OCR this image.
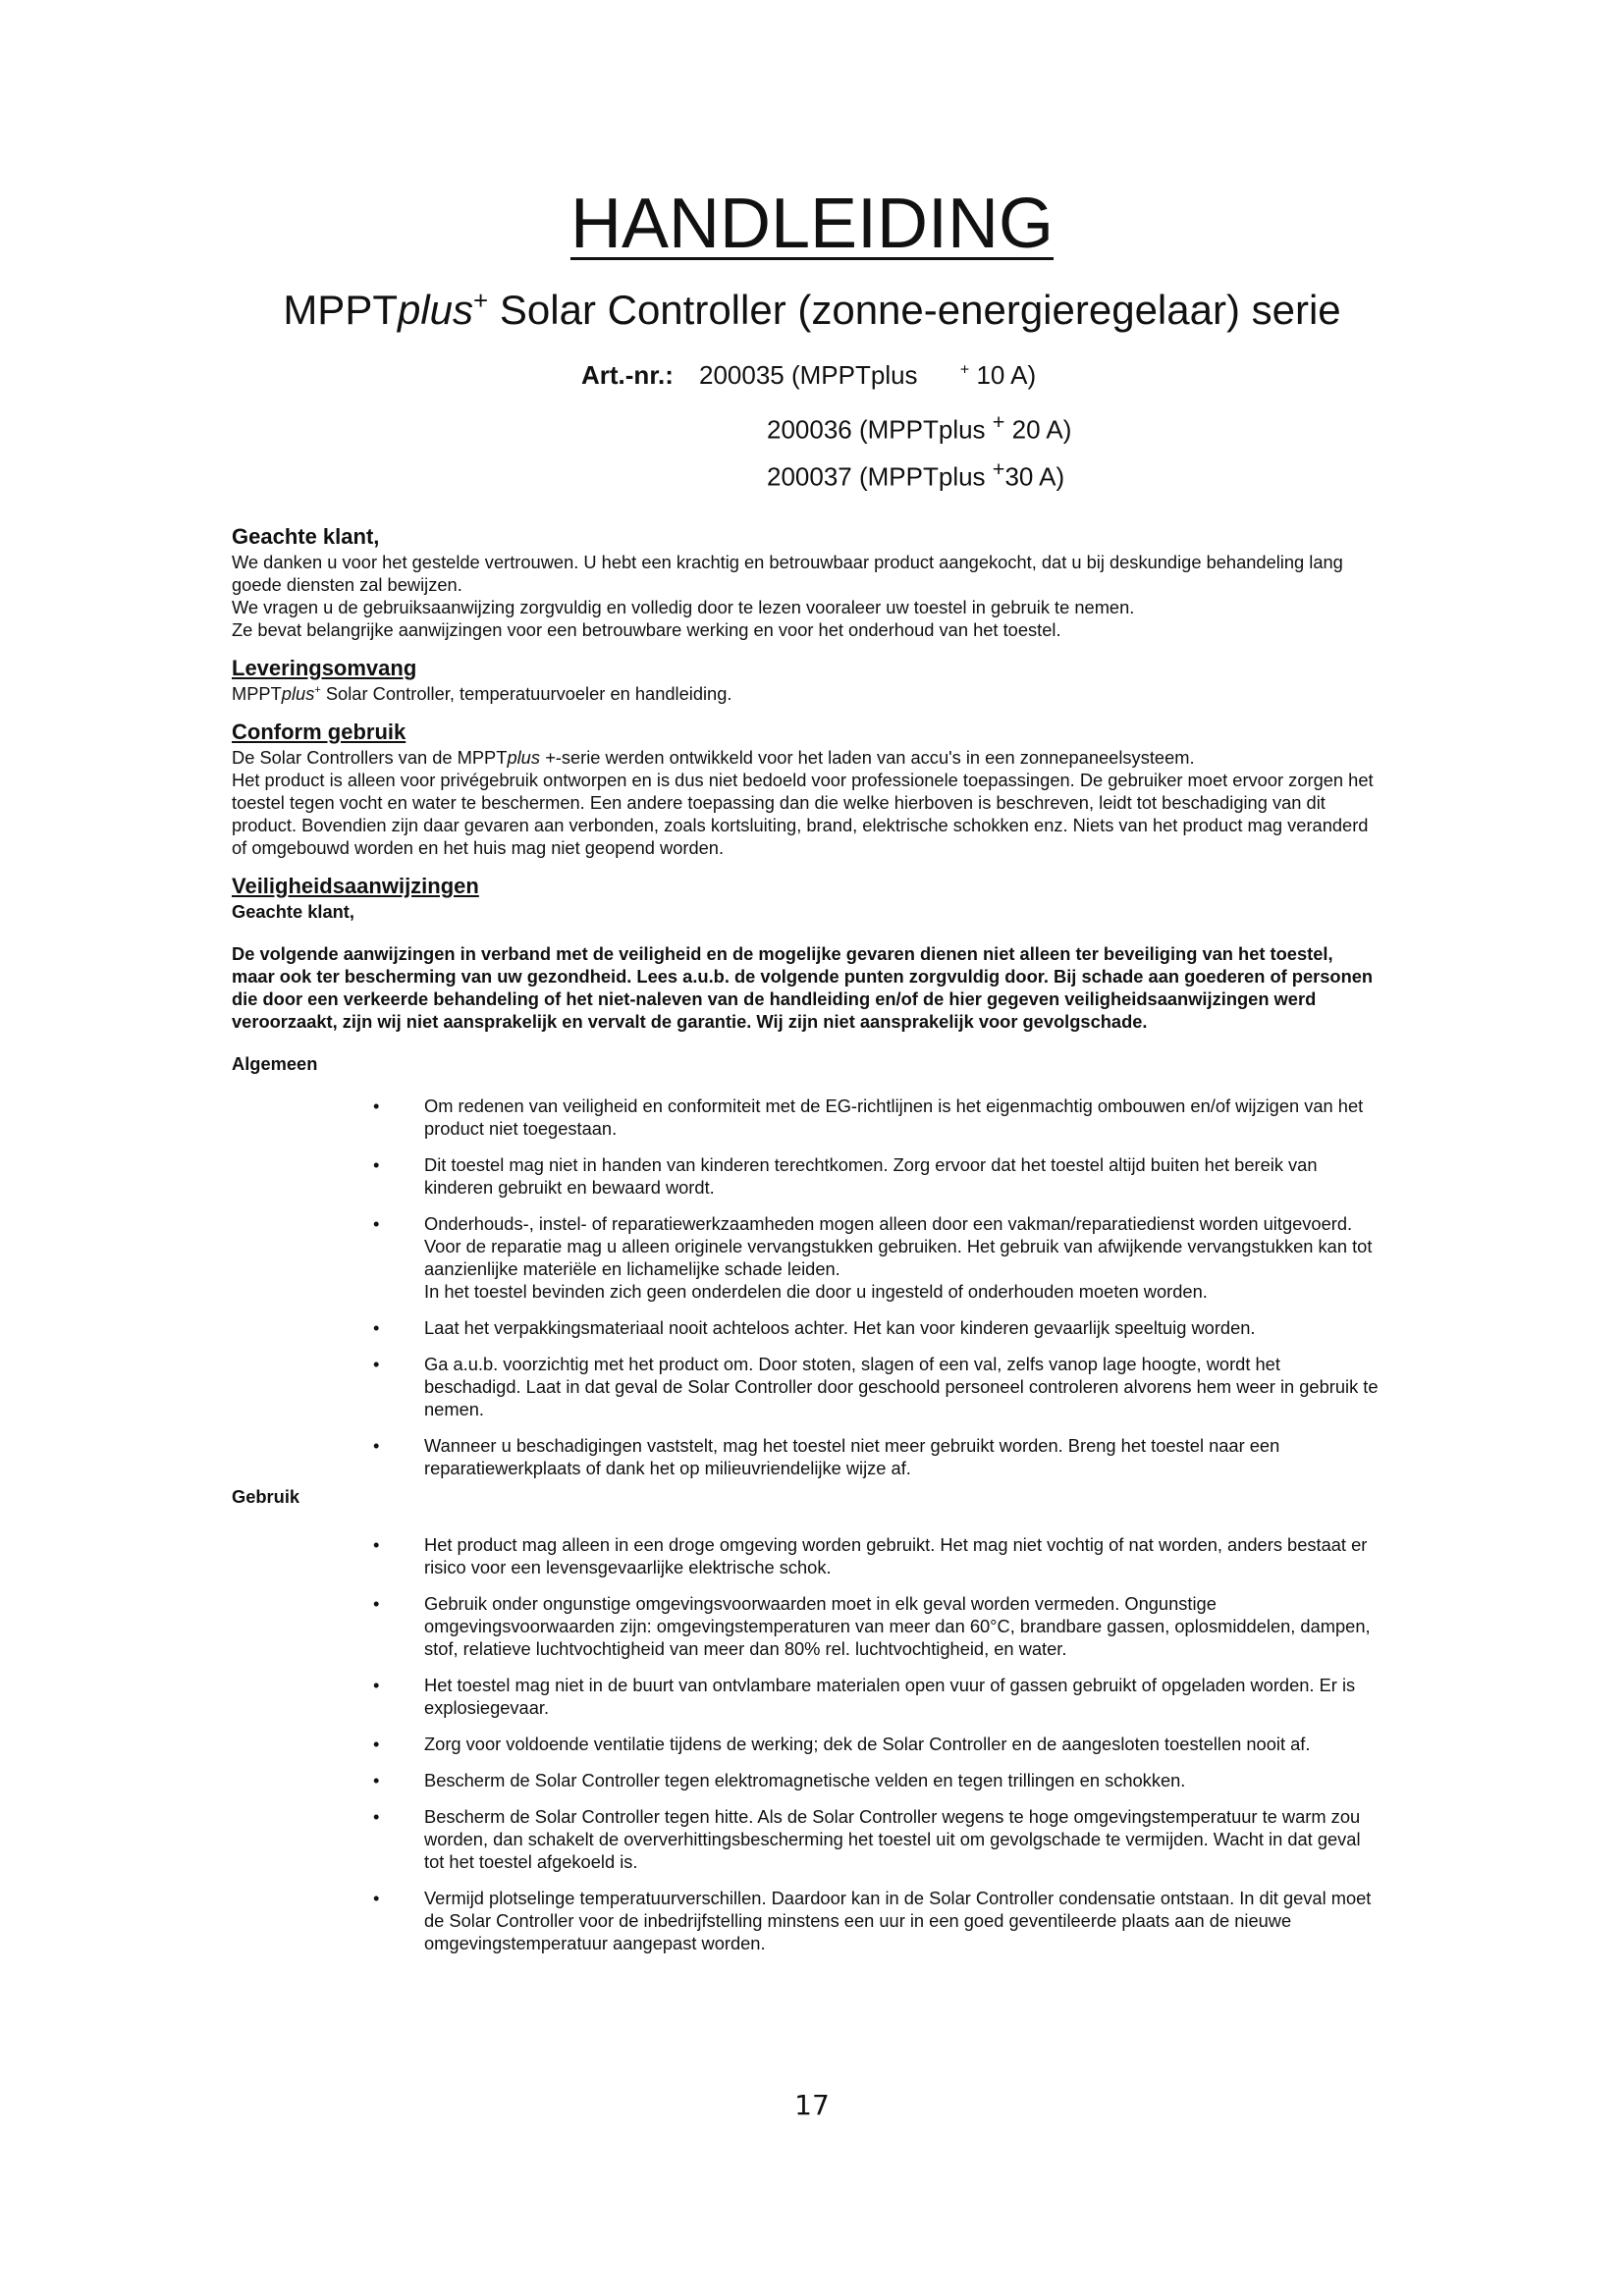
HANDLEIDING
MPPTplus+ Solar Controller (zonne-energieregelaar) serie
Art.-nr.: 200035 (MPPTplus	+ 10 A)
200036 (MPPTplus + 20 A)
200037 (MPPTplus +30 A)
Geachte klant,

We danken u voor het gestelde vertrouwen. U hebt een krachtig en betrouwbaar product aangekocht, dat u bij deskundige behandeling lang goede diensten zal bewijzen.

We vragen u de gebruiksaanwijzing zorgvuldig en volledig door te lezen vooraleer uw toestel in gebruik te nemen.

Ze bevat belangrijke aanwijzingen voor een betrouwbare werking en voor het onderhoud van het toestel.

Leveringsomvang

MPPTplus+ Solar Controller, temperatuurvoeler en handleiding.

Conform gebruik

De Solar Controllers van de MPPTplus +-serie werden ontwikkeld voor het laden van accu's in een zonnepaneelsysteem.

Het product is alleen voor privégebruik ontworpen en is dus niet bedoeld voor professionele toepassingen. De gebruiker moet ervoor zorgen het toestel tegen vocht en water te beschermen. Een andere toepassing dan die welke hierboven is beschreven, leidt tot beschadiging van dit product. Bovendien zijn daar gevaren aan verbonden, zoals kortsluiting, brand, elektrische schokken enz. Niets van het product mag veranderd of omgebouwd worden en het huis mag niet geopend worden.

Veiligheidsaanwijzingen

Geachte klant,

De volgende aanwijzingen in verband met de veiligheid en de mogelijke gevaren dienen niet alleen ter beveiliging van het toestel, maar ook ter bescherming van uw gezondheid. Lees a.u.b. de volgende punten zorgvuldig door. Bij schade aan goederen of personen die door een verkeerde behandeling of het niet-naleven van de handleiding en/of de hier gegeven veiligheidsaanwijzingen werd veroorzaakt, zijn wij niet aansprakelijk en vervalt de garantie. Wij zijn niet aansprakelijk voor gevolgschade.

Algemeen

• Om redenen van veiligheid en conformiteit met de EG-richtlijnen is het eigenmachtig ombouwen en/of wijzigen van het product niet toegestaan.
• Dit toestel mag niet in handen van kinderen terechtkomen. Zorg ervoor dat het toestel altijd buiten het bereik van kinderen gebruikt en bewaard wordt.
• Onderhouds-, instel- of reparatiewerkzaamheden mogen alleen door een vakman/reparatiedienst worden uitgevoerd. Voor de reparatie mag u alleen originele vervangstukken gebruiken. Het gebruik van afwijkende vervangstukken kan tot aanzienlijke materiële en lichamelijke schade leiden.
In het toestel bevinden zich geen onderdelen die door u ingesteld of onderhouden moeten worden.
• Laat het verpakkingsmateriaal nooit achteloos achter. Het kan voor kinderen gevaarlijk speeltuig worden.
• Ga a.u.b. voorzichtig met het product om. Door stoten, slagen of een val, zelfs vanop lage hoogte, wordt het beschadigd. Laat in dat geval de Solar Controller door geschoold personeel controleren alvorens hem weer in gebruik te nemen.
• Wanneer u beschadigingen vaststelt, mag het toestel niet meer gebruikt worden. Breng het toestel naar een reparatiewerkplaats of dank het op milieuvriendelijke wijze af.

Gebruik

• Het product mag alleen in een droge omgeving worden gebruikt. Het mag niet vochtig of nat worden, anders bestaat er risico voor een levensgevaarlijke elektrische schok.
• Gebruik onder ongunstige omgevingsvoorwaarden moet in elk geval worden vermeden. Ongunstige omgevingsvoorwaarden zijn: omgevingstemperaturen van meer dan 60°C, brandbare gassen, oplosmiddelen, dampen, stof, relatieve luchtvochtigheid van meer dan 80% rel. luchtvochtigheid, en water.
• Het toestel mag niet in de buurt van ontvlambare materialen open vuur of gassen gebruikt of opgeladen worden. Er is explosiegevaar.
• Zorg voor voldoende ventilatie tijdens de werking; dek de Solar Controller en de aangesloten toestellen nooit af.
• Bescherm de Solar Controller tegen elektromagnetische velden en tegen trillingen en schokken.
• Bescherm de Solar Controller tegen hitte. Als de Solar Controller wegens te hoge omgevingstemperatuur te warm zou worden, dan schakelt de oververhittingsbescherming het toestel uit om gevolgschade te vermijden. Wacht in dat geval tot het toestel afgekoeld is.
• Vermijd plotselinge temperatuurverschillen. Daardoor kan in de Solar Controller condensatie ontstaan. In dit geval moet de Solar Controller voor de inbedrijfstelling minstens een uur in een goed geventileerde plaats aan de nieuwe omgevingstemperatuur aangepast worden.
17
